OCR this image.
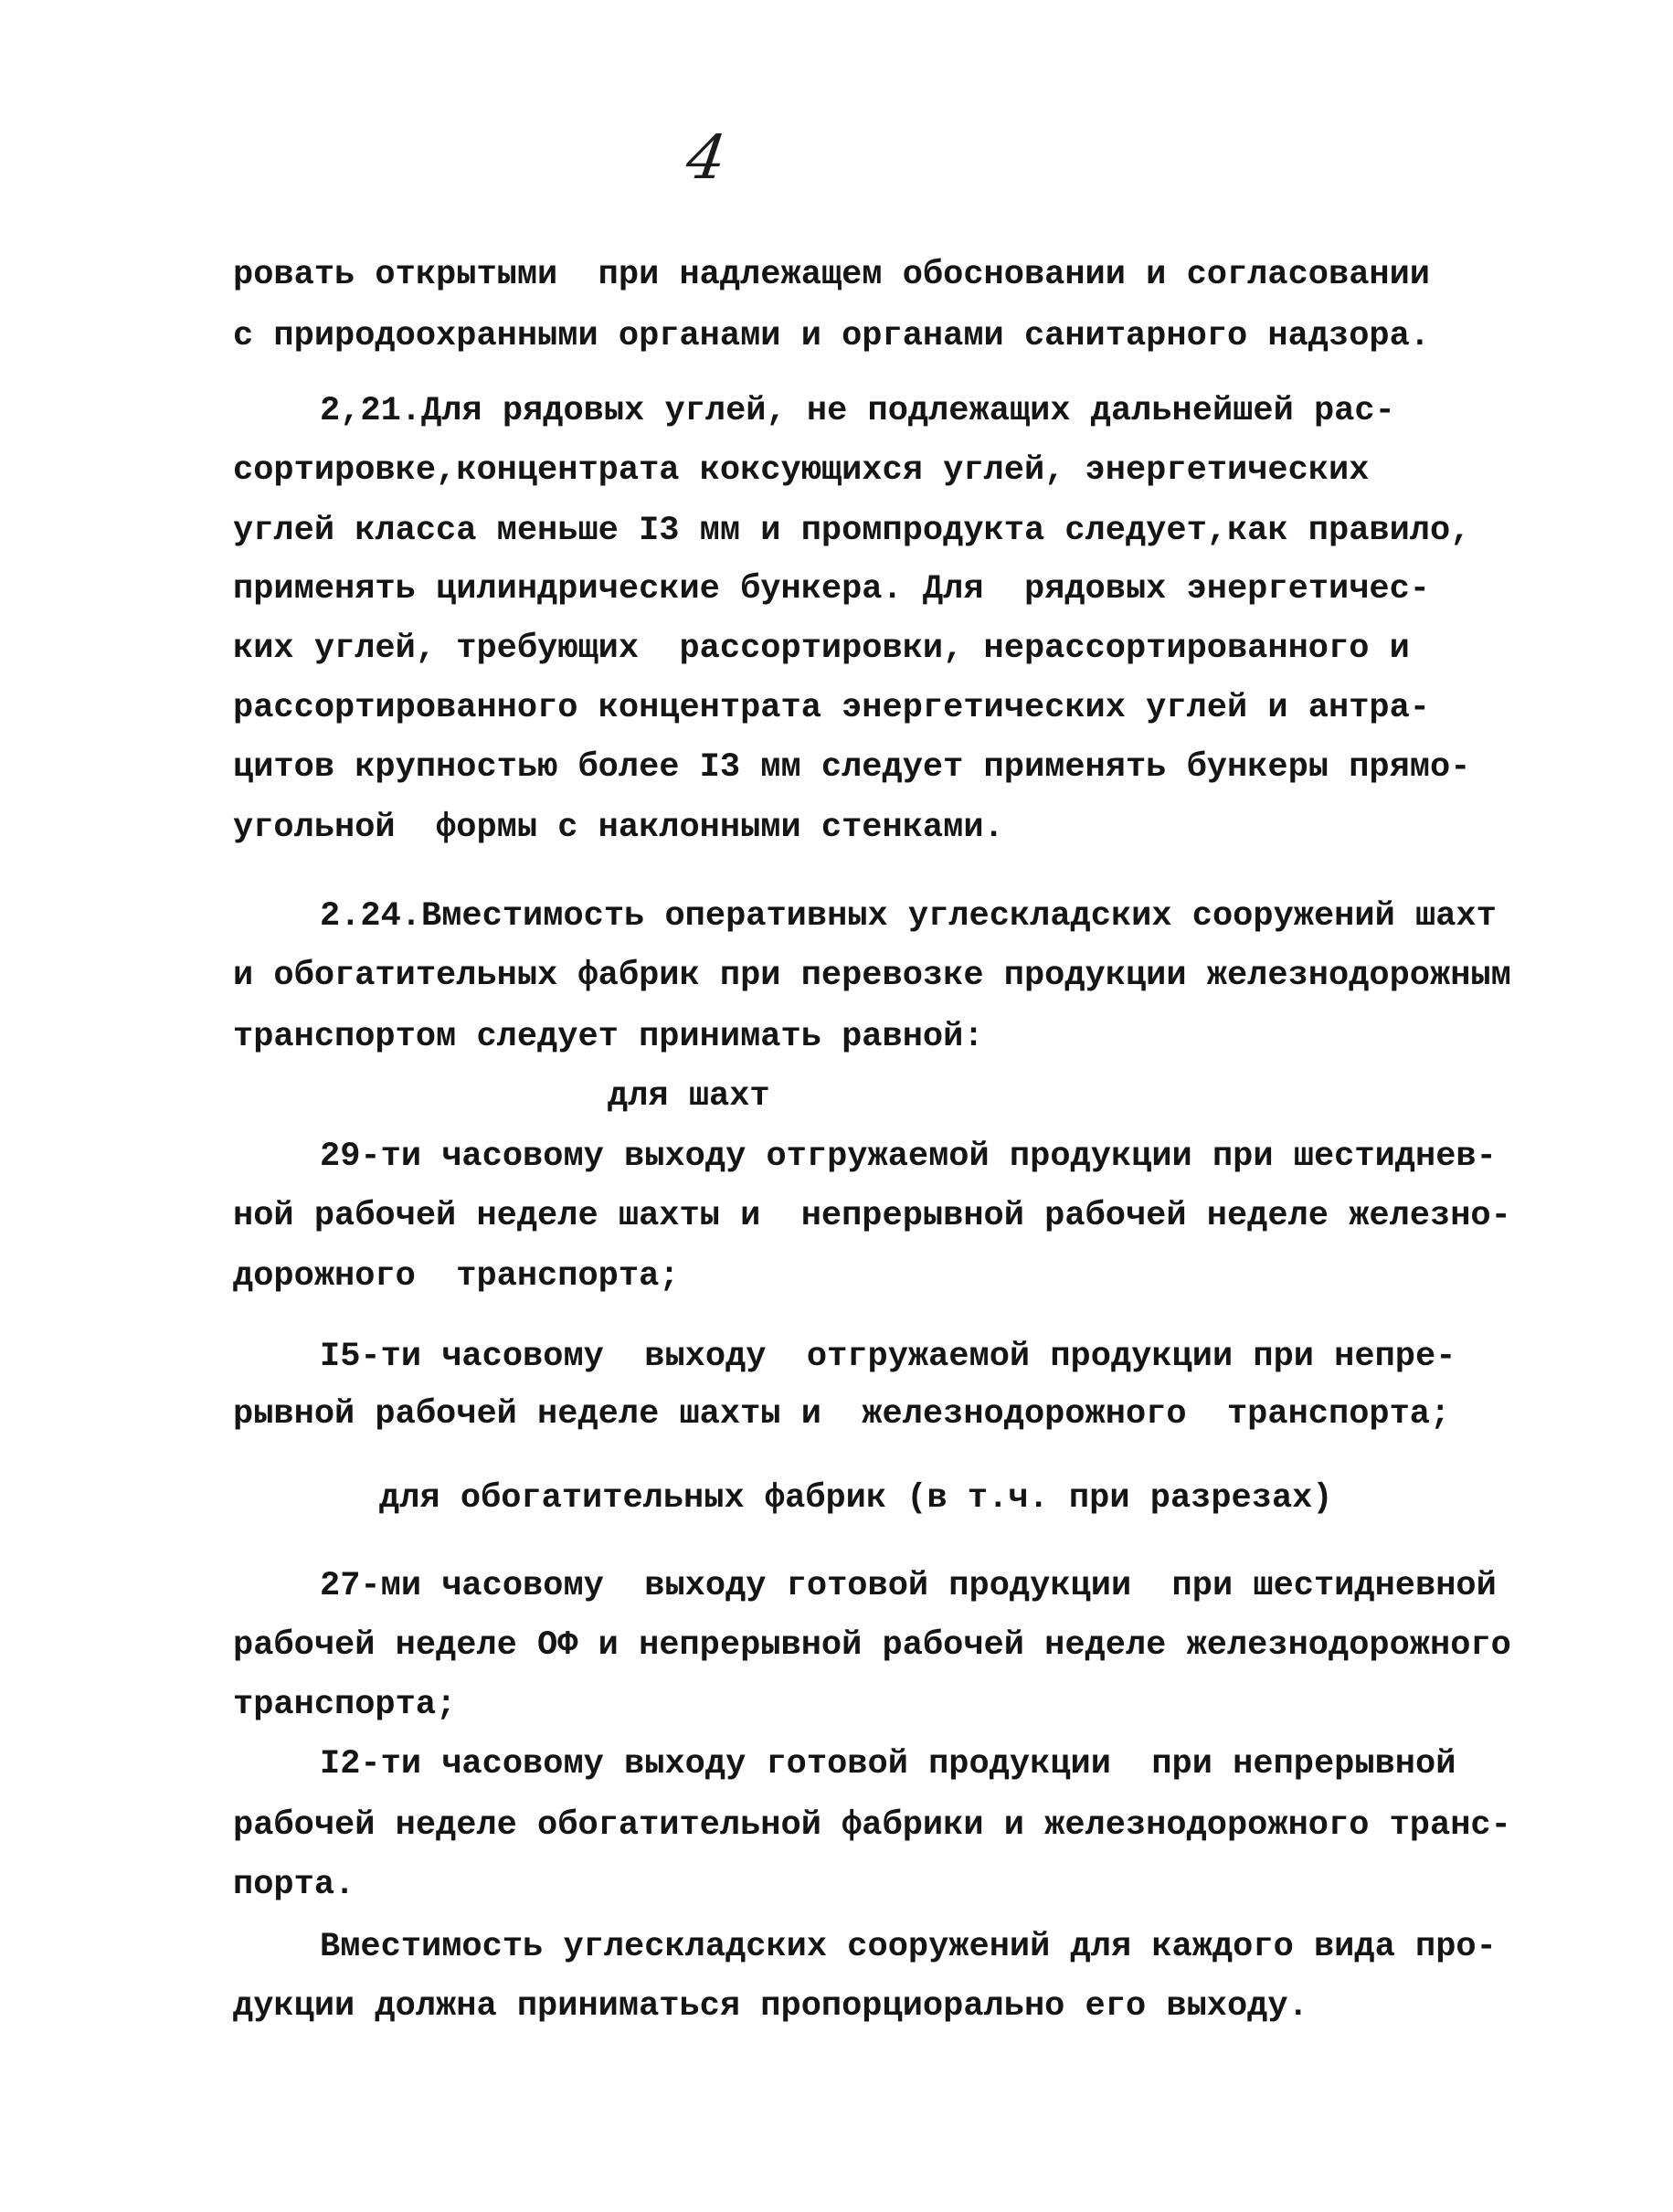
4
ровать открытыми  при надлежащем обосновании и согласовании
с природоохранными органами и органами санитарного надзора.
2,21.Для рядовых углей, не подлежащих дальнейшей рас-
сортировке,концентрата коксующихся углей, энергетических
углей класса меньше I3 мм и промпродукта следует,как правило,
применять цилиндрические бункера. Для  рядовых энергетичес-
ких углей, требующих  рассортировки, нерассортированного и
рассортированного концентрата энергетических углей и антра-
цитов крупностью более I3 мм следует применять бункеры прямо-
угольной  формы с наклонными стенками.
2.24.Вместимость оперативных углескладских сооружений шахт
и обогатительных фабрик при перевозке продукции железнодорожным
транспортом следует принимать равной:
для шахт
29-ти часовому выходу отгружаемой продукции при шестиднев-
ной рабочей неделе шахты и  непрерывной рабочей неделе железно-
дорожного  транспорта;
I5-ти часовому  выходу  отгружаемой продукции при непре-
рывной рабочей неделе шахты и  железнодорожного  транспорта;
для обогатительных фабрик (в т.ч. при разрезах)
27-ми часовому  выходу готовой продукции  при шестидневной
рабочей неделе ОФ и непрерывной рабочей неделе железнодорожного
транспорта;
I2-ти часовому выходу готовой продукции  при непрерывной
рабочей неделе обогатительной фабрики и железнодорожного транс-
порта.
Вместимость углескладских сооружений для каждого вида про-
дукции должна приниматься пропорциорально его выходу.
